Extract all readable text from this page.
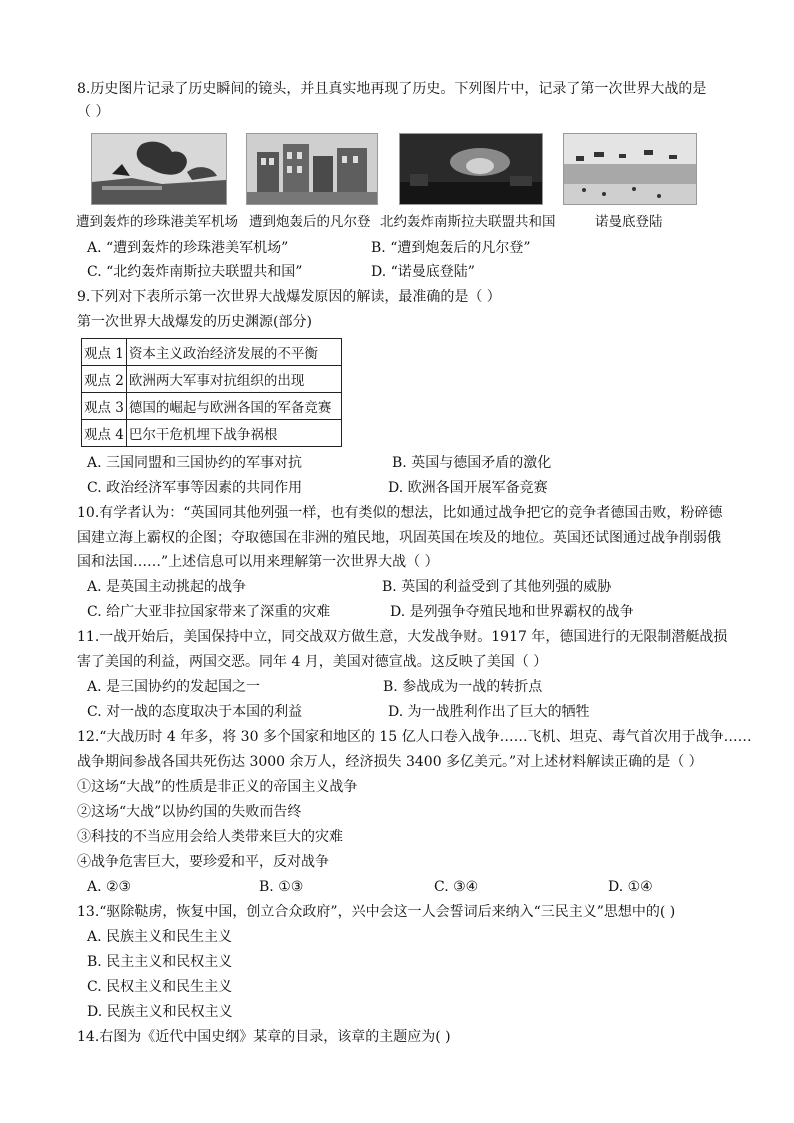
8.历史图片记录了历史瞬间的镜头，并且真实地再现了历史。下列图片中，记录了第一次世界大战的是
（ ）
遭到轰炸的珍珠港美军机场 遭到炮轰后的凡尔登 北约轰炸南斯拉夫联盟共和国	诺曼底登陆
A. “遭到轰炸的珍珠港美军机场”	B. “遭到炮轰后的凡尔登”
C. “北约轰炸南斯拉夫联盟共和国”	D. “诺曼底登陆”
9.下列对下表所示第一次世界大战爆发原因的解读，最准确的是（ ）
第一次世界大战爆发的历史渊源(部分)
观点 1	资本主义政治经济发展的不平衡
观点 2	欧洲两大军事对抗组织的出现
观点 3	德国的崛起与欧洲各国的军备竞赛
观点 4	巴尔干危机埋下战争祸根
A. 三国同盟和三国协约的军事对抗	B. 英国与德国矛盾的激化
C. 政治经济军事等因素的共同作用	D. 欧洲各国开展军备竞赛
10.有学者认为：“英国同其他列强一样，也有类似的想法，比如通过战争把它的竞争者德国击败，粉碎德
国建立海上霸权的企图；夺取德国在非洲的殖民地，巩固英国在埃及的地位。英国还试图通过战争削弱俄
国和法国……”上述信息可以用来理解第一次世界大战（ ）
A. 是英国主动挑起的战争	B. 英国的利益受到了其他列强的威胁
C. 给广大亚非拉国家带来了深重的灾难	D. 是列强争夺殖民地和世界霸权的战争
11.一战开始后，美国保持中立，同交战双方做生意，大发战争财。1917 年，德国进行的无限制潜艇战损
害了美国的利益，两国交恶。同年 4 月，美国对德宣战。这反映了美国（ ）
A. 是三国协约的发起国之一	B. 参战成为一战的转折点
C. 对一战的态度取决于本国的利益	D. 为一战胜利作出了巨大的牺牲
12.“大战历时 4 年多，将 30 多个国家和地区的 15 亿人口卷入战争……飞机、坦克、毒气首次用于战争……
战争期间参战各国共死伤达 3000 余万人，经济损失 3400 多亿美元。”对上述材料解读正确的是（ ）
①这场“大战”的性质是非正义的帝国主义战争
②这场“大战”以协约国的失败而告终
③科技的不当应用会给人类带来巨大的灾难
④战争危害巨大，要珍爱和平，反对战争
A. ②③	B. ①③	C. ③④	D. ①④
13.“驱除鞑虏，恢复中国，创立合众政府”，兴中会这一人会誓词后来纳入“三民主义”思想中的( )
A. 民族主义和民生主义
B. 民主主义和民权主义
C. 民权主义和民生主义
D. 民族主义和民权主义
14.右图为《近代中国史纲》某章的目录，该章的主题应为( )
